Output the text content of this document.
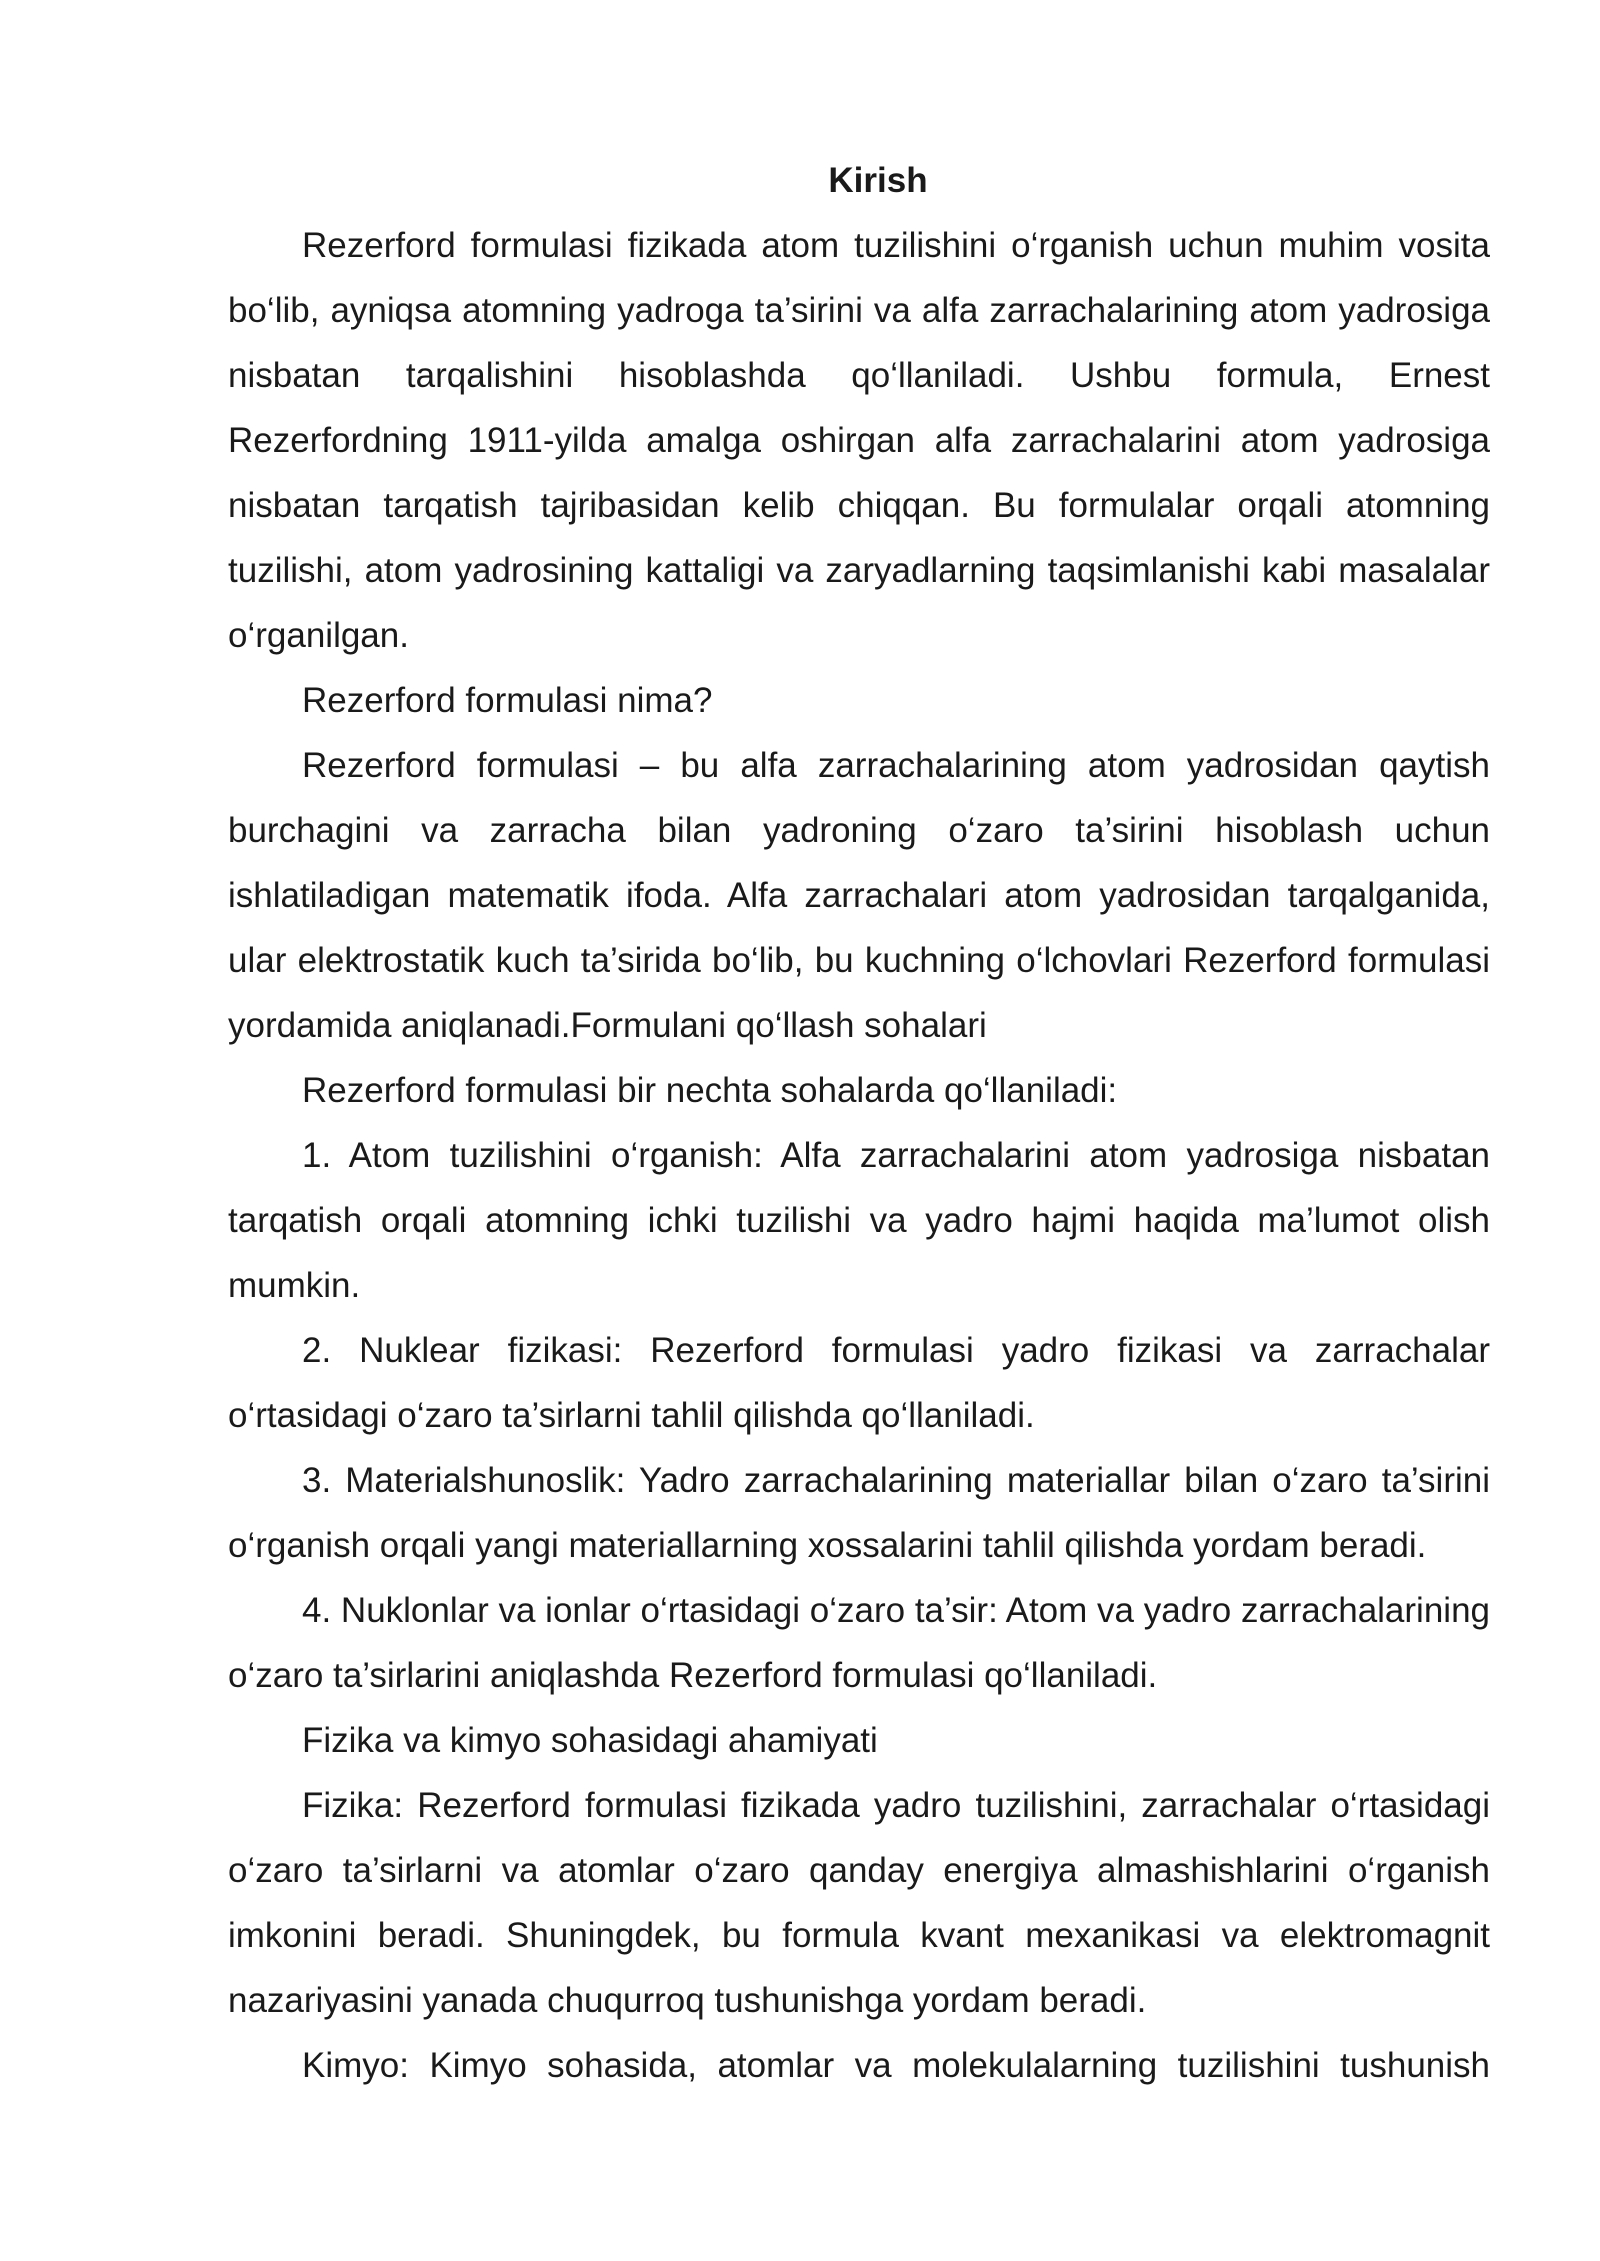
Kirish

Rezerford formulasi fizikada atom tuzilishini o‘rganish uchun muhim vosita bo‘lib, ayniqsa atomning yadroga ta’sirini va alfa zarrachalarining atom yadrosiga nisbatan tarqalishini hisoblashda qo‘llaniladi. Ushbu formula, Ernest Rezerfordning 1911-yilda amalga oshirgan alfa zarrachalarini atom yadrosiga nisbatan tarqatish tajribasidan kelib chiqqan. Bu formulalar orqali atomning tuzilishi, atom yadrosining kattaligi va zaryadlarning taqsimlanishi kabi masalalar o‘rganilgan.

Rezerford formulasi nima?

Rezerford formulasi – bu alfa zarrachalarining atom yadrosidan qaytish burchagini va zarracha bilan yadroning o‘zaro ta’sirini hisoblash uchun ishlatiladigan matematik ifoda. Alfa zarrachalari atom yadrosidan tarqalganida, ular elektrostatik kuch ta’sirida bo‘lib, bu kuchning o‘lchovlari Rezerford formulasi yordamida aniqlanadi.Formulani qo‘llash sohalari

Rezerford formulasi bir nechta sohalarda qo‘llaniladi:

1. Atom tuzilishini o‘rganish: Alfa zarrachalarini atom yadrosiga nisbatan tarqatish orqali atomning ichki tuzilishi va yadro hajmi haqida ma’lumot olish mumkin.

2. Nuklear fizikasi: Rezerford formulasi yadro fizikasi va zarrachalar o‘rtasidagi o‘zaro ta’sirlarni tahlil qilishda qo‘llaniladi.

3. Materialshunoslik: Yadro zarrachalarining materiallar bilan o‘zaro ta’sirini o‘rganish orqali yangi materiallarning xossalarini tahlil qilishda yordam beradi.

4. Nuklonlar va ionlar o‘rtasidagi o‘zaro ta’sir: Atom va yadro zarrachalarining o‘zaro ta’sirlarini aniqlashda Rezerford formulasi qo‘llaniladi.

Fizika va kimyo sohasidagi ahamiyati

Fizika: Rezerford formulasi fizikada yadro tuzilishini, zarrachalar o‘rtasidagi o‘zaro ta’sirlarni va atomlar o‘zaro qanday energiya almashishlarini o‘rganish imkonini beradi. Shuningdek, bu formula kvant mexanikasi va elektromagnit nazariyasini yanada chuqurroq tushunishga yordam beradi.

Kimyo: Kimyo sohasida, atomlar va molekulalarning tuzilishini tushunish
